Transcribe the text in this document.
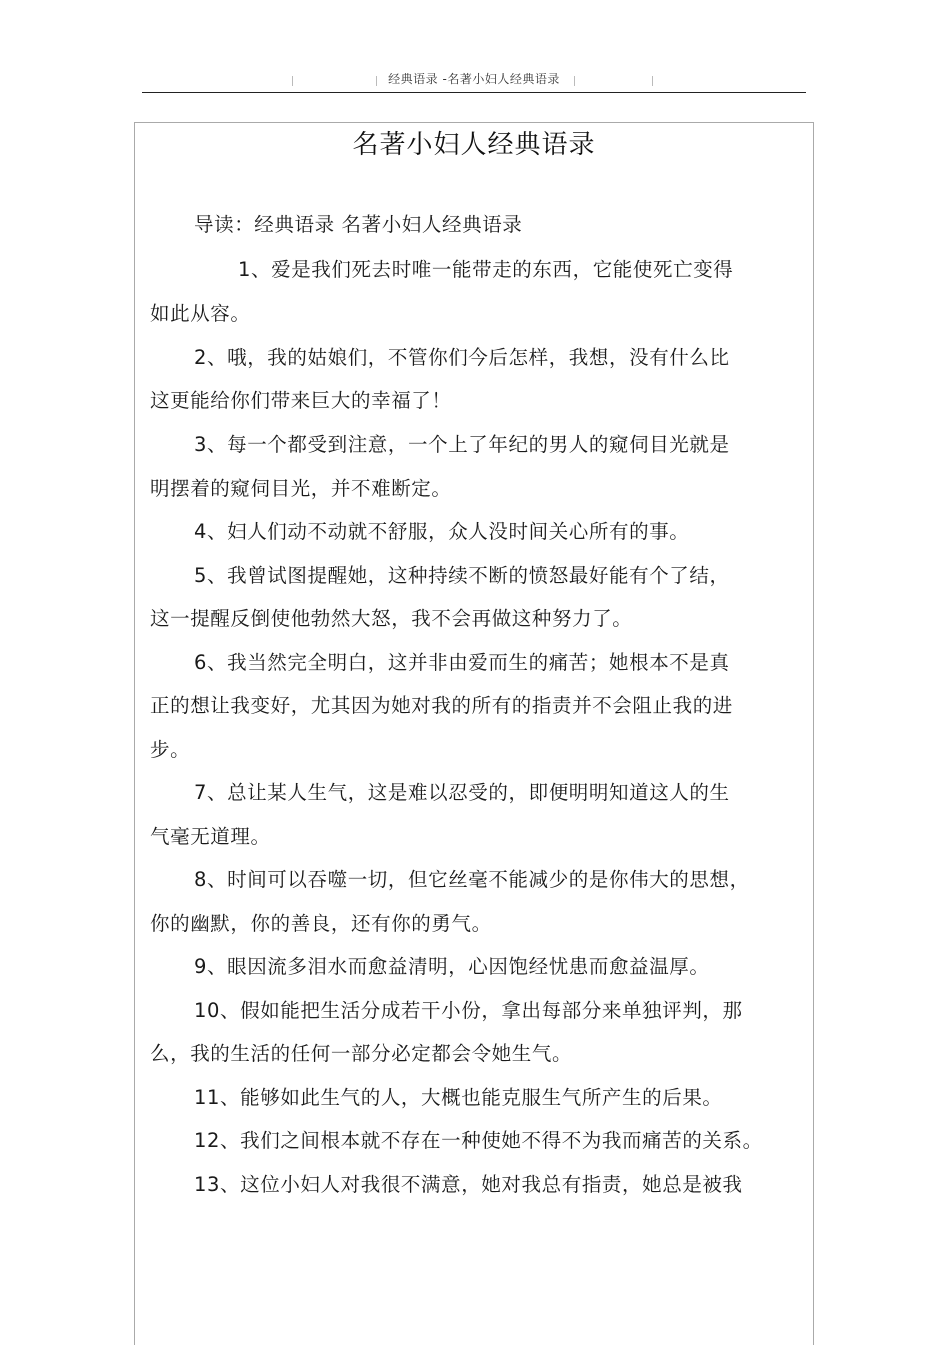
经典语录 -名著小妇人经典语录
名著小妇人经典语录
导读：经典语录 名著小妇人经典语录
1、爱是我们死去时唯一能带走的东西，它能使死亡变得
如此从容。
2、哦，我的姑娘们，不管你们今后怎样，我想，没有什么比
这更能给你们带来巨大的幸福了！
3、每一个都受到注意，一个上了年纪的男人的窥伺目光就是
明摆着的窥伺目光，并不难断定。
4、妇人们动不动就不舒服，众人没时间关心所有的事。
5、我曾试图提醒她，这种持续不断的愤怒最好能有个了结，
这一提醒反倒使他勃然大怒，我不会再做这种努力了。
6、我当然完全明白，这并非由爱而生的痛苦；她根本不是真
正的想让我变好，尤其因为她对我的所有的指责并不会阻止我的进
步。
7、总让某人生气，这是难以忍受的，即便明明知道这人的生
气毫无道理。
8、时间可以吞噬一切，但它丝毫不能减少的是你伟大的思想，
你的幽默，你的善良，还有你的勇气。
9、眼因流多泪水而愈益清明，心因饱经忧患而愈益温厚。
10、假如能把生活分成若干小份，拿出每部分来单独评判，那
么，我的生活的任何一部分必定都会令她生气。
11、能够如此生气的人，大概也能克服生气所产生的后果。
12、我们之间根本就不存在一种使她不得不为我而痛苦的关系。
13、这位小妇人对我很不满意，她对我总有指责，她总是被我
